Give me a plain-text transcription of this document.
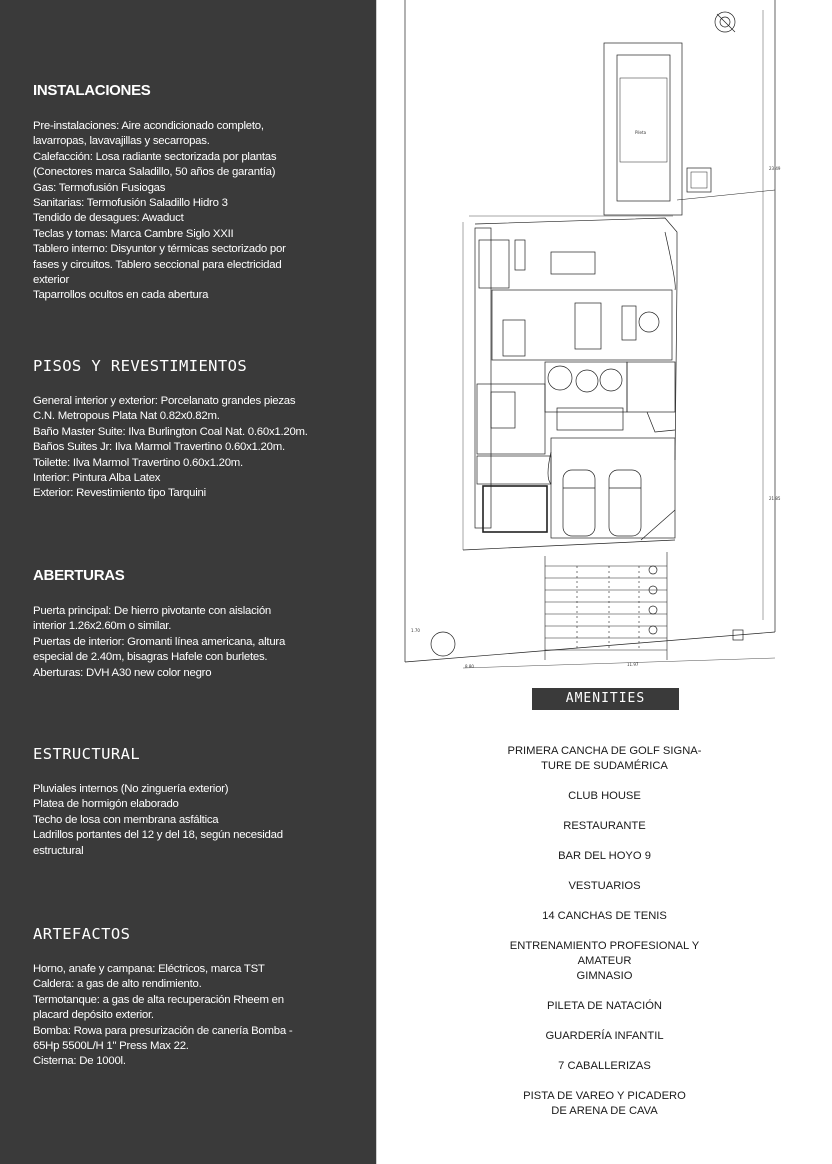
INSTALACIONES
Pre-instalaciones: Aire acondicionado completo,
lavarropas, lavavajillas y secarropas.
Calefacción: Losa radiante sectorizada por plantas
(Conectores marca Saladillo, 50 años de garantía)
Gas: Termofusión Fusiogas
Sanitarias: Termofusión Saladillo Hidro 3
Tendido de desagues: Awaduct
Teclas y tomas: Marca Cambre Siglo XXII
Tablero interno: Disyuntor y térmicas sectorizado por
fases y circuitos. Tablero seccional para electricidad
exterior
Taparrollos ocultos en cada abertura
PISOS Y REVESTIMIENTOS
General interior y exterior: Porcelanato grandes piezas
C.N. Metropous Plata Nat 0.82x0.82m.
Baño Master Suite: Ilva Burlington Coal Nat. 0.60x1.20m.
Baños Suites Jr: Ilva Marmol Travertino 0.60x1.20m.
Toilette: Ilva Marmol Travertino 0.60x1.20m.
Interior: Pintura Alba Latex
Exterior: Revestimiento tipo Tarquini
ABERTURAS
Puerta principal: De hierro pivotante con aislación
interior 1.26x2.60m o similar.
Puertas de interior: Gromanti línea americana, altura
especial de 2.40m, bisagras Hafele con burletes.
Aberturas: DVH A30 new color negro
ESTRUCTURAL
Pluviales internos (No zinguería exterior)
Platea de hormigón elaborado
Techo de losa con membrana asfáltica
Ladrillos portantes del 12 y del 18, según necesidad
estructural
ARTEFACTOS
Horno, anafe y campana: Eléctricos, marca TST
Caldera: a gas de alto rendimiento.
Termotanque: a gas de alta recuperación Rheem en
placard depósito exterior.
Bomba: Rowa para presurización de canería Bomba -
65Hp 5500L/H 1" Press Max 22.
Cisterna: De 1000l.
Pileta
23.49
21.85
11.97
8.80
1.70
AMENITIES
PRIMERA CANCHA DE GOLF SIGNA-
TURE DE SUDAMÉRICA
CLUB HOUSE
RESTAURANTE
BAR DEL HOYO 9
VESTUARIOS
14 CANCHAS DE TENIS
ENTRENAMIENTO PROFESIONAL Y
AMATEUR
GIMNASIO
PILETA DE NATACIÓN
GUARDERÍA INFANTIL
7 CABALLERIZAS
PISTA DE VAREO Y PICADERO
DE ARENA DE CAVA
